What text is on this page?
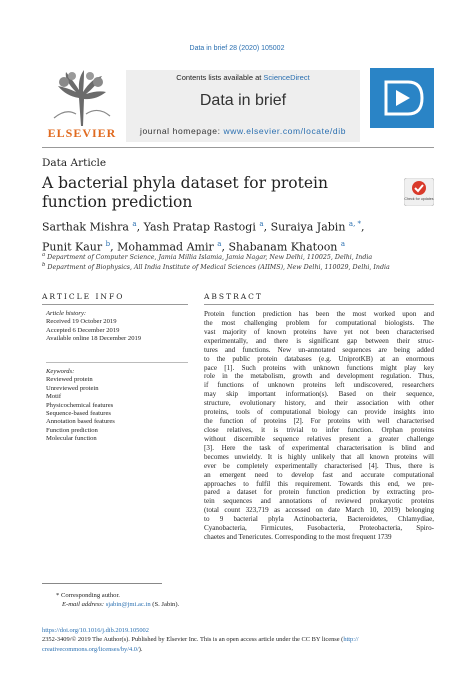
Data in brief 28 (2020) 105002
ELSEVIER
Contents lists available at ScienceDirect
Data in brief
journal homepage: www.elsevier.com/locate/dib
Data Article
A bacterial phyla dataset for protein function prediction	Check for updates
Sarthak Mishra $^a$, Yash Pratap Rastogi $^a$, Suraiya Jabin $^{a, *}$,
Punit Kaur $^b$, Mohammad Amir $^a$, Shabanam Khatoon $^a$
$^a$ Department of Computer Science, Jamia Millia Islamia, Jamia Nagar, New Delhi, 110025, Delhi, India
$^b$ Department of Biophysics, All India Institute of Medical Sciences (AIIMS), New Delhi, 110029, Delhi, India
ARTICLE INFO	ABSTRACT
Article history:
Received 19 October 2019
Accepted 6 December 2019
Available online 18 December 2019
Keywords:
Reviewed protein
Unreviewed protein
Motif
Physicochemical features
Sequence-based features
Annotation based features
Function prediction
Molecular function
Protein function prediction has been the most worked upon and
the most challenging problem for computational biologists. The
vast majority of known proteins have yet not been characterised
experimentally, and there is significant gap between their struc-
tures and functions. New un-annotated sequences are being added
to the public protein databases (e.g. UniprotKB) at an enormous
pace [1]. Such proteins with unknown functions might play key
role in the metabolism, growth and development regulation. Thus,
if functions of unknown proteins left undiscovered, researchers
may skip important information(s). Based on their sequence,
structure, evolutionary history, and their association with other
proteins, tools of computational biology can provide insights into
the function of proteins [2]. For proteins with well characterised
close relatives, it is trivial to infer function. Orphan proteins
without discernible sequence relatives present a greater challenge
[3]. Here the task of experimental characterisation is blind and
becomes unwieldy. It is highly unlikely that all known proteins will
ever be completely experimentally characterised [4]. Thus, there is
an emergent need to develop fast and accurate computational
approaches to fulfil this requirement. Towards this end, we pre-
pared a dataset for protein function prediction by extracting pro-
tein sequences and annotations of reviewed prokaryotic proteins
(total count 323,719 as accessed on date March 10, 2019) belonging
to 9 bacterial phyla Actinobacteria, Bacteroidetes, Chlamydiae,
Cyanobacteria, Firmicutes, Fusobacteria, Proteobacteria, Spiro-
chaetes and Tenericutes. Corresponding to the most frequent 1739
* Corresponding author.
E-mail address: sjabin@jmi.ac.in (S. Jabin).
https://doi.org/10.1016/j.dib.2019.105002
2352-3409/© 2019 The Author(s). Published by Elsevier Inc. This is an open access article under the CC BY license (http://
creativecommons.org/licenses/by/4.0/).
